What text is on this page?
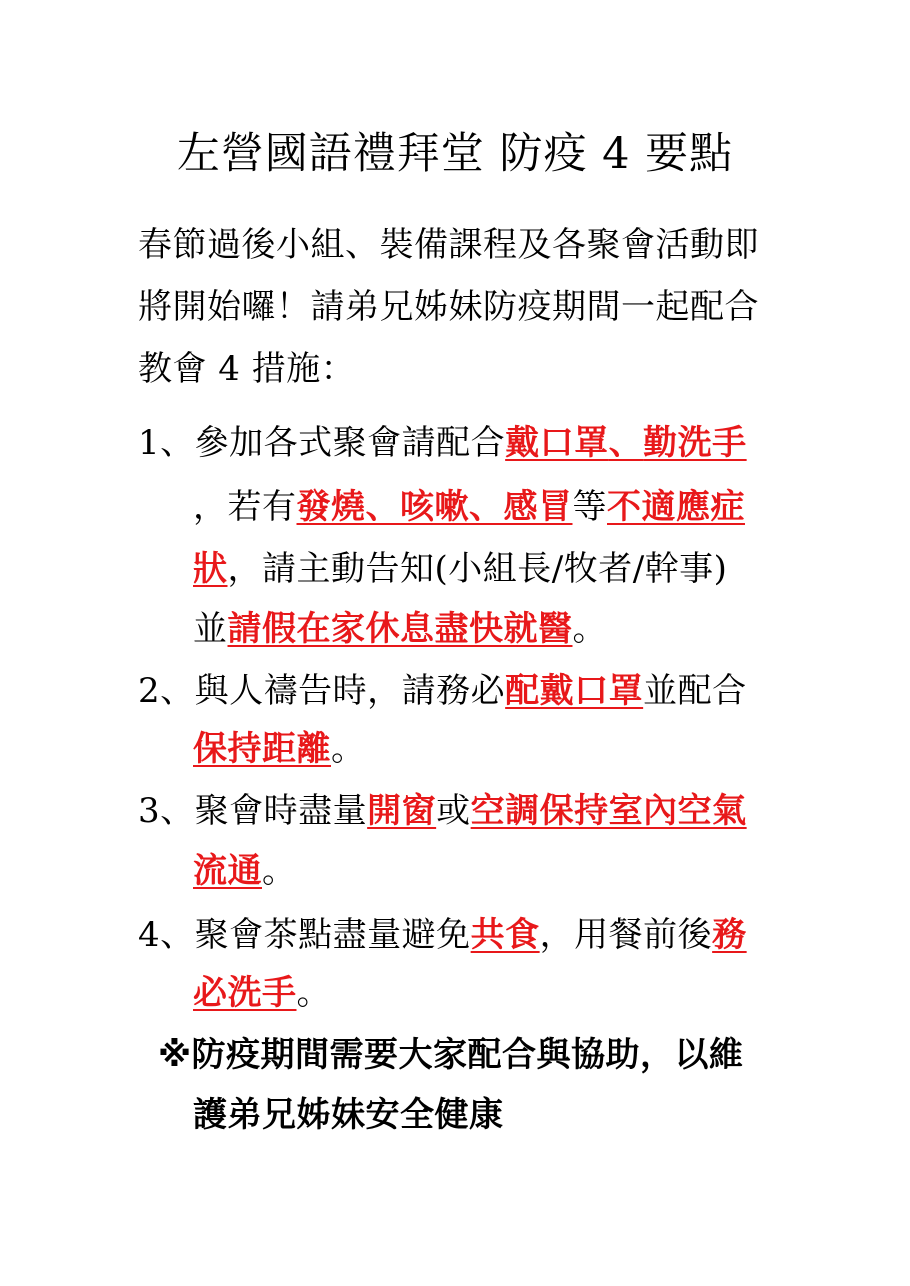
左營國語禮拜堂 防疫 4 要點
春節過後小組、裝備課程及各聚會活動即
將開始囉！請弟兄姊妹防疫期間一起配合
教會 4 措施：
1、參加各式聚會請配合戴口罩、勤洗手
，若有發燒、咳嗽、感冒等不適應症
狀，請主動告知(小組長/牧者/幹事)
並請假在家休息盡快就醫。
2、與人禱告時，請務必配戴口罩並配合
保持距離。
3、聚會時盡量開窗或空調保持室內空氣
流通。
4、聚會茶點盡量避免共食，用餐前後務
必洗手。
※防疫期間需要大家配合與協助，以維
護弟兄姊妹安全健康
